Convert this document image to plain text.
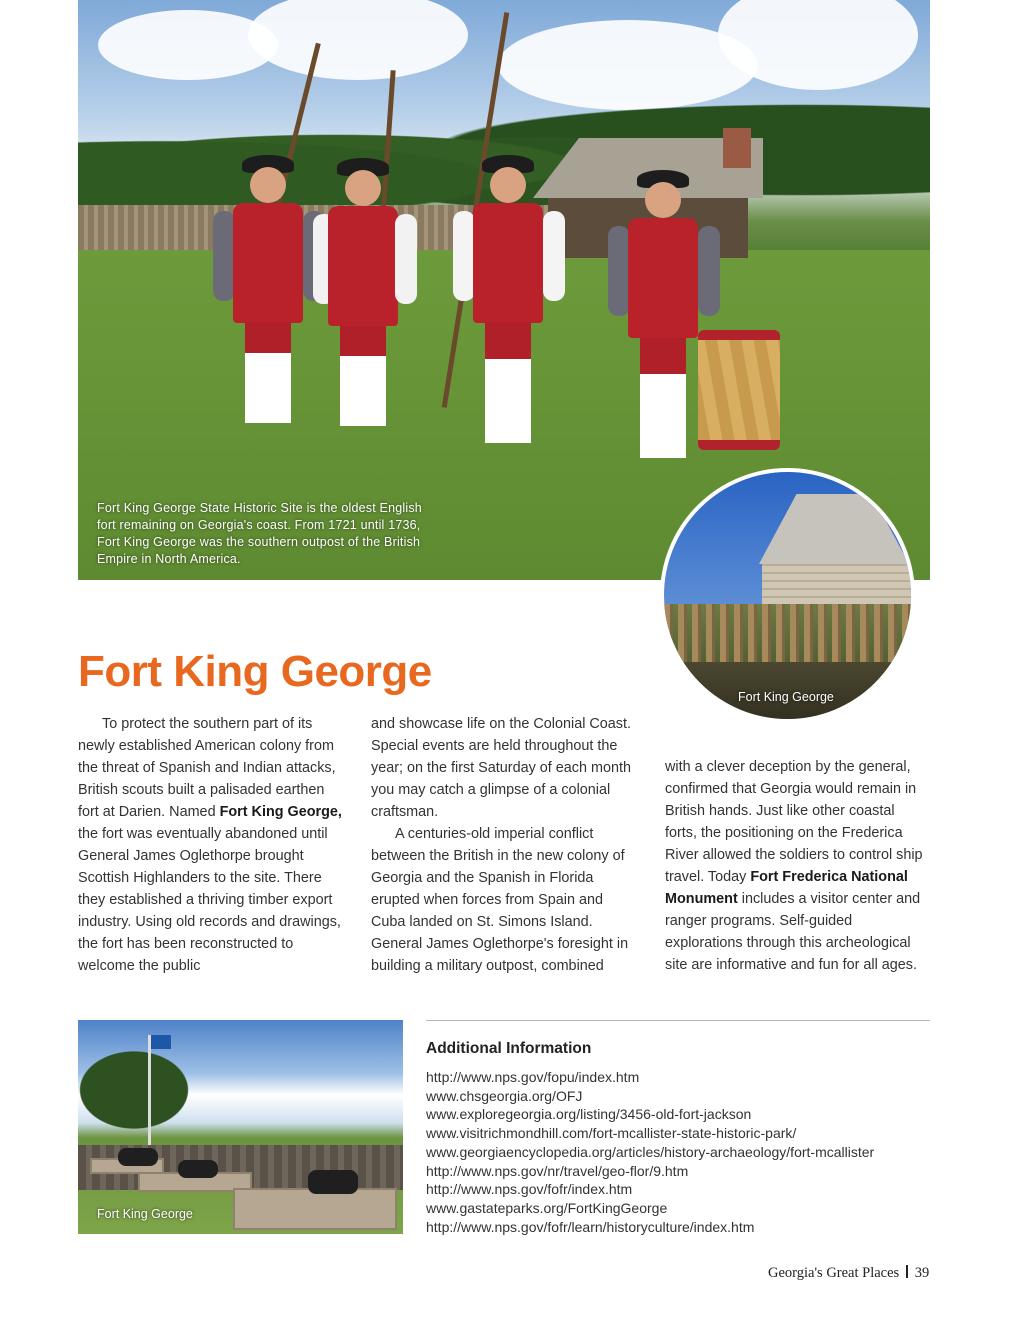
Fort King George State Historic Site is the oldest English fort remaining on Georgia's coast. From 1721 until 1736, Fort King George was the southern outpost of the British Empire in North America.
Fort King George
Fort King George

To protect the southern part of its newly established American colony from the threat of Spanish and Indian attacks, British scouts built a palisaded earthen fort at Darien. Named Fort King George, the fort was eventually abandoned until General James Oglethorpe brought Scottish Highlanders to the site. There they established a thriving timber export industry. Using old records and drawings, the fort has been reconstructed to welcome the public

and showcase life on the Colonial Coast. Special events are held throughout the year; on the first Saturday of each month you may catch a glimpse of a colonial craftsman.

A centuries-old imperial conflict between the British in the new colony of Georgia and the Spanish in Florida erupted when forces from Spain and Cuba landed on St. Simons Island. General James Oglethorpe's foresight in building a military outpost, combined

with a clever deception by the general, confirmed that Georgia would remain in British hands. Just like other coastal forts, the positioning on the Frederica River allowed the soldiers to control ship travel. Today Fort Frederica National Monument includes a visitor center and ranger programs. Self-guided explorations through this archeological site are informative and fun for all ages.

Fort King George
Additional Information
http://www.nps.gov/fopu/index.htm
www.chsgeorgia.org/OFJ
www.exploregeorgia.org/listing/3456-old-fort-jackson
www.visitrichmondhill.com/fort-mcallister-state-historic-park/
www.georgiaencyclopedia.org/articles/history-archaeology/fort-mcallister
http://www.nps.gov/nr/travel/geo-flor/9.htm
http://www.nps.gov/fofr/index.htm
www.gastateparks.org/FortKingGeorge
http://www.nps.gov/fofr/learn/historyculture/index.htm
Georgia's Great Places 39
